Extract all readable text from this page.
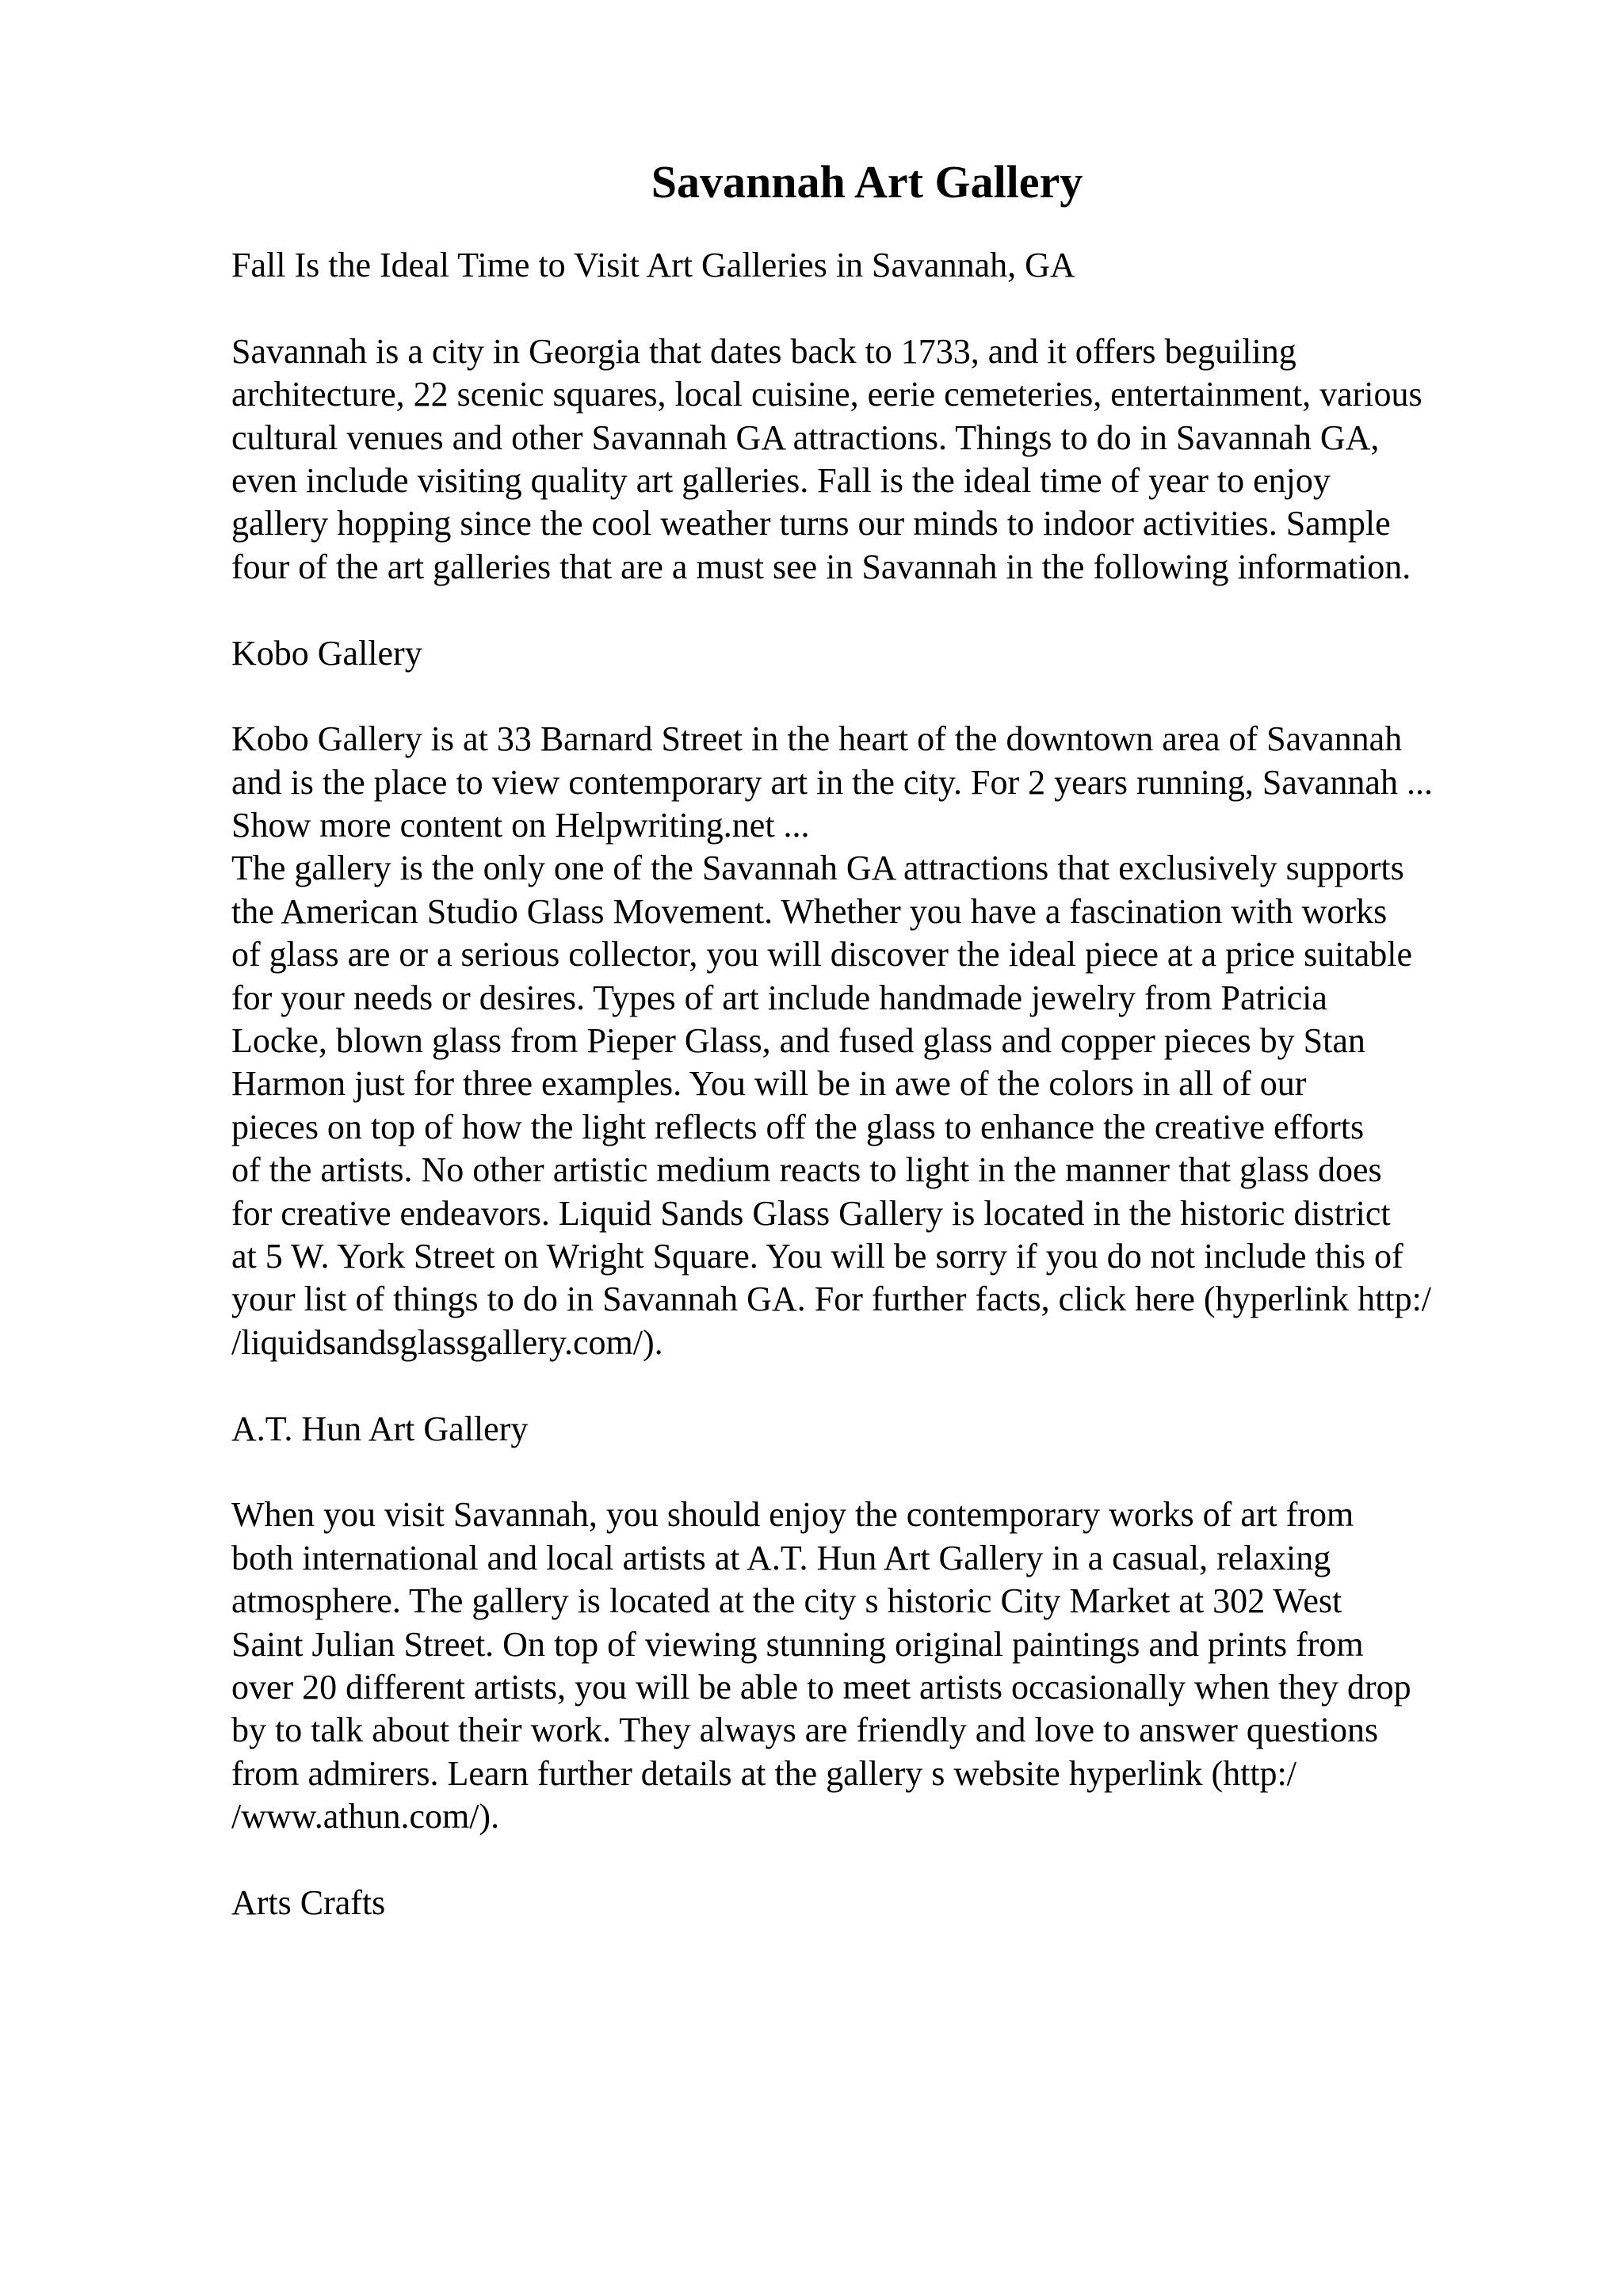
Savannah Art Gallery
Fall Is the Ideal Time to Visit Art Galleries in Savannah, GA
Savannah is a city in Georgia that dates back to 1733, and it offers beguiling
architecture, 22 scenic squares, local cuisine, eerie cemeteries, entertainment, various
cultural venues and other Savannah GA attractions. Things to do in Savannah GA,
even include visiting quality art galleries. Fall is the ideal time of year to enjoy
gallery hopping since the cool weather turns our minds to indoor activities. Sample
four of the art galleries that are a must see in Savannah in the following information.
Kobo Gallery
Kobo Gallery is at 33 Barnard Street in the heart of the downtown area of Savannah
and is the place to view contemporary art in the city. For 2 years running, Savannah ...
Show more content on Helpwriting.net ...
The gallery is the only one of the Savannah GA attractions that exclusively supports
the American Studio Glass Movement. Whether you have a fascination with works
of glass are or a serious collector, you will discover the ideal piece at a price suitable
for your needs or desires. Types of art include handmade jewelry from Patricia
Locke, blown glass from Pieper Glass, and fused glass and copper pieces by Stan
Harmon just for three examples. You will be in awe of the colors in all of our
pieces on top of how the light reflects off the glass to enhance the creative efforts
of the artists. No other artistic medium reacts to light in the manner that glass does
for creative endeavors. Liquid Sands Glass Gallery is located in the historic district
at 5 W. York Street on Wright Square. You will be sorry if you do not include this of
your list of things to do in Savannah GA. For further facts, click here (hyperlink http:/
/liquidsandsglassgallery.com/).
A.T. Hun Art Gallery
When you visit Savannah, you should enjoy the contemporary works of art from
both international and local artists at A.T. Hun Art Gallery in a casual, relaxing
atmosphere. The gallery is located at the city s historic City Market at 302 West
Saint Julian Street. On top of viewing stunning original paintings and prints from
over 20 different artists, you will be able to meet artists occasionally when they drop
by to talk about their work. They always are friendly and love to answer questions
from admirers. Learn further details at the gallery s website hyperlink (http:/
/www.athun.com/).
Arts Crafts
